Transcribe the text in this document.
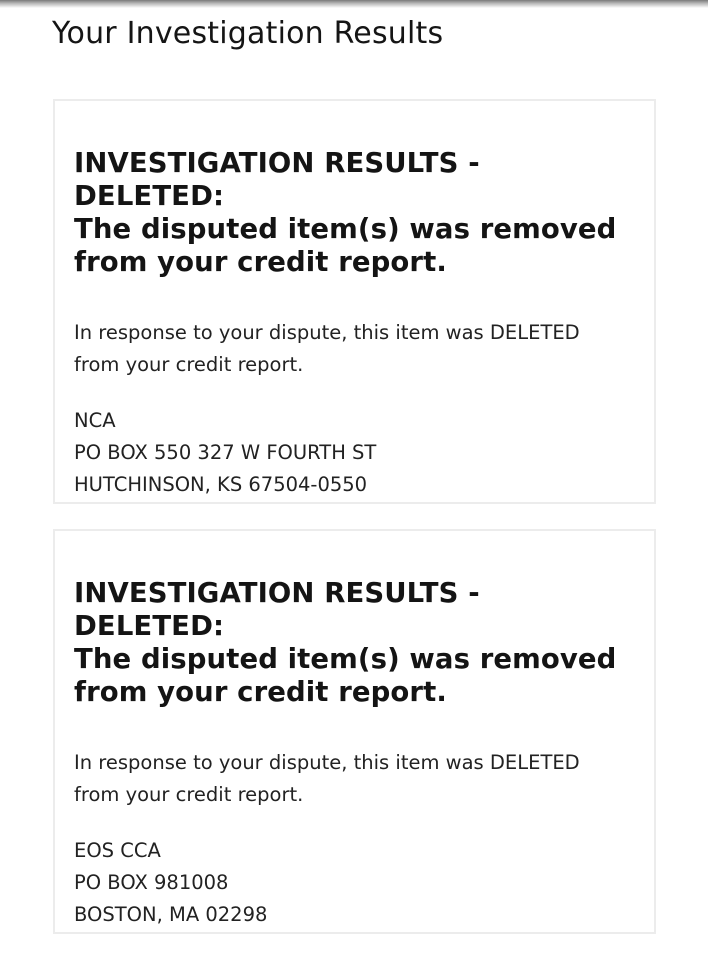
Your Investigation Results
INVESTIGATION RESULTS - DELETED:
The disputed item(s) was removed
from your credit report.
In response to your dispute, this item was DELETED
from your credit report.
NCA
PO BOX 550 327 W FOURTH ST
HUTCHINSON, KS 67504-0550
INVESTIGATION RESULTS - DELETED:
The disputed item(s) was removed
from your credit report.
In response to your dispute, this item was DELETED
from your credit report.
EOS CCA
PO BOX 981008
BOSTON, MA 02298
